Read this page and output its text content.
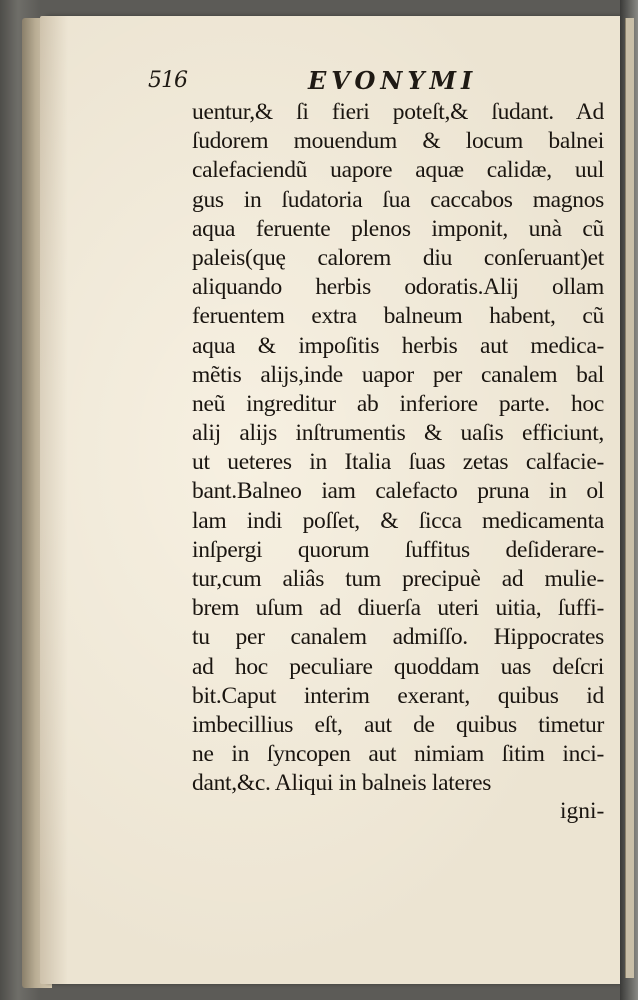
516	EVONYMI
uentur,& ſi fieri poteſt,& ſudant. Ad
ſudorem mouendum & locum balnei
calefaciendũ uapore aquæ calidæ, uul
gus in ſudatoria ſua caccabos magnos
aqua feruente plenos imponit, unà cũ
paleis(quę calorem diu conſeruant)et
aliquando herbis odoratis.Alij ollam
feruentem extra balneum habent, cũ
aqua & impoſitis herbis aut medica-
mẽtis alijs,inde uapor per canalem bal
neũ ingreditur ab inferiore parte. hoc
alij alijs inſtrumentis & uaſis efficiunt,
ut ueteres in Italia ſuas zetas calfacie-
bant.Balneo iam calefacto pruna in ol
lam indi poſſet, & ſicca medicamenta
inſpergi quorum ſuffitus deſiderare-
tur,cum aliâs tum precipuè ad mulie-
brem uſum ad diuerſa uteri uitia, ſuffi-
tu per canalem admiſſo. Hippocrates
ad hoc peculiare quoddam uas deſcri
bit.Caput interim exerant, quibus id
imbecillius eſt, aut de quibus timetur
ne in ſyncopen aut nimiam ſitim inci-
dant,&c. Aliqui in balneis lateres
igni-
